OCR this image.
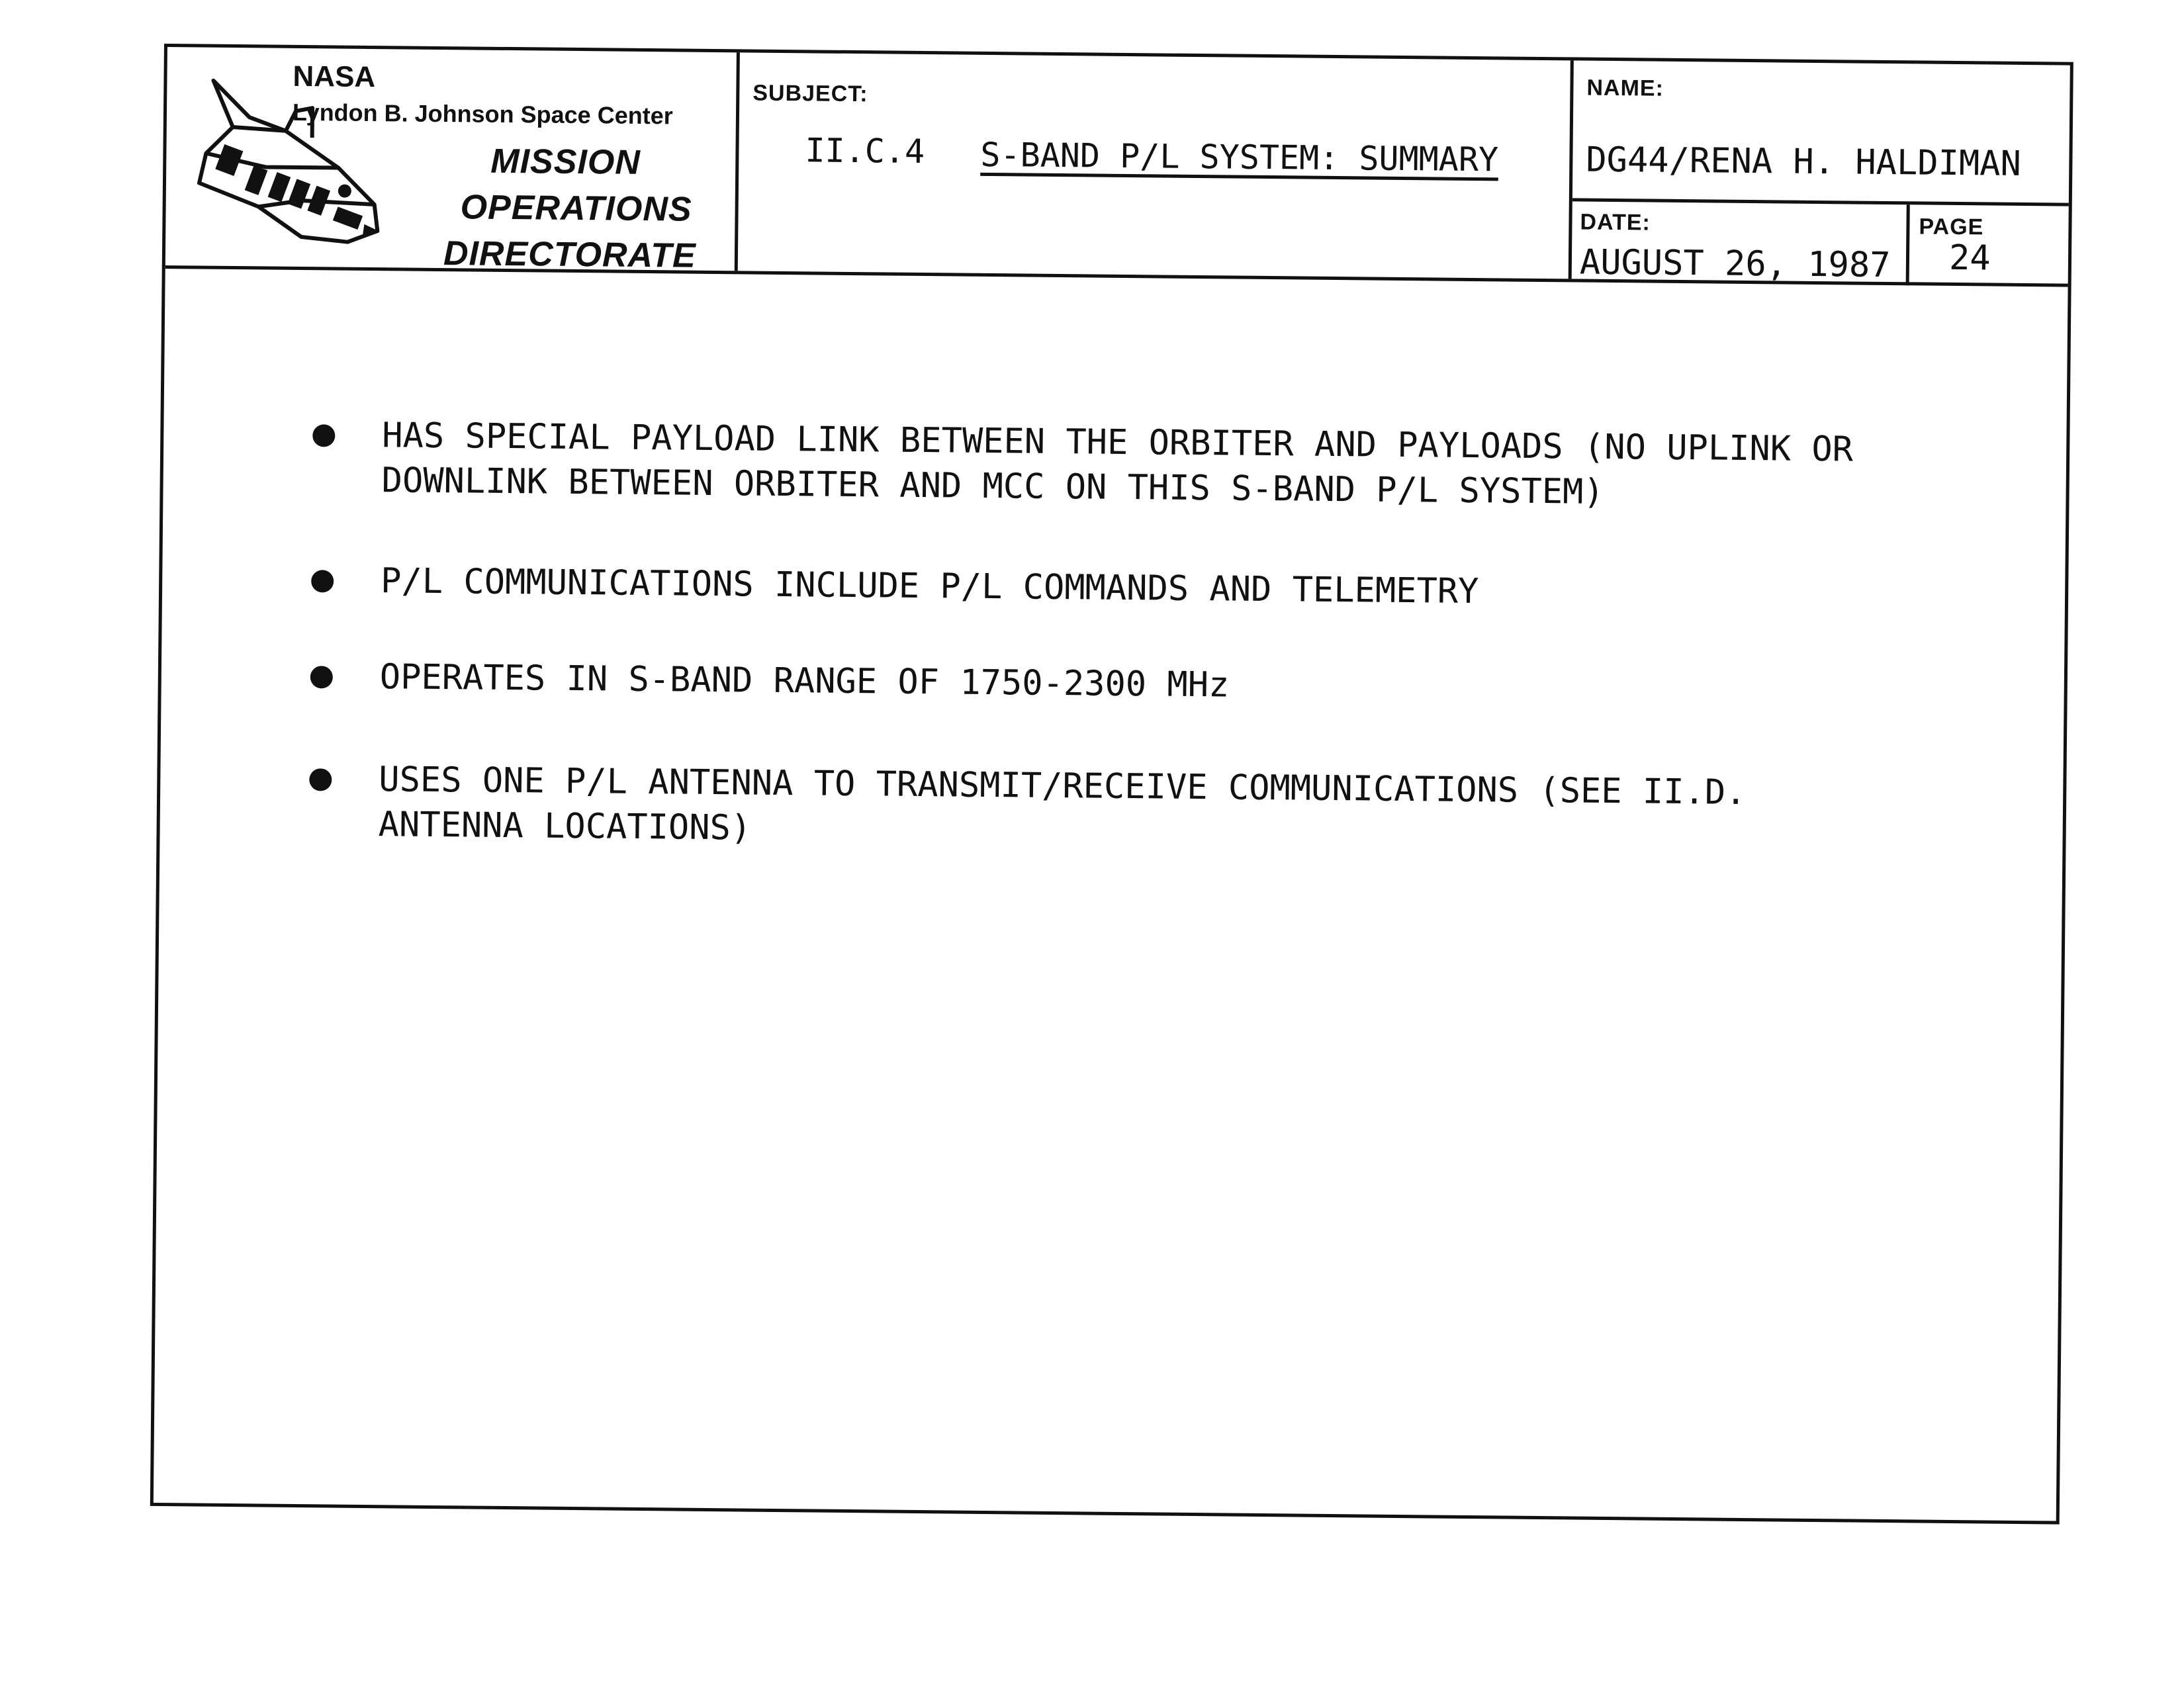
NASA
Lyndon B. Johnson Space Center
MISSION
OPERATIONS
DIRECTORATE
SUBJECT:
II.C.4 S-BAND P/L SYSTEM: SUMMARY
NAME:
DG44/RENA H. HALDIMAN
DATE:
AUGUST 26, 1987
PAGE
24
HAS SPECIAL PAYLOAD LINK BETWEEN THE ORBITER AND PAYLOADS (NO UPLINK OR DOWNLINK BETWEEN ORBITER AND MCC ON THIS S-BAND P/L SYSTEM)
P/L COMMUNICATIONS INCLUDE P/L COMMANDS AND TELEMETRY
OPERATES IN S-BAND RANGE OF 1750-2300 MHz
USES ONE P/L ANTENNA TO TRANSMIT/RECEIVE COMMUNICATIONS (SEE II.D. ANTENNA LOCATIONS)
